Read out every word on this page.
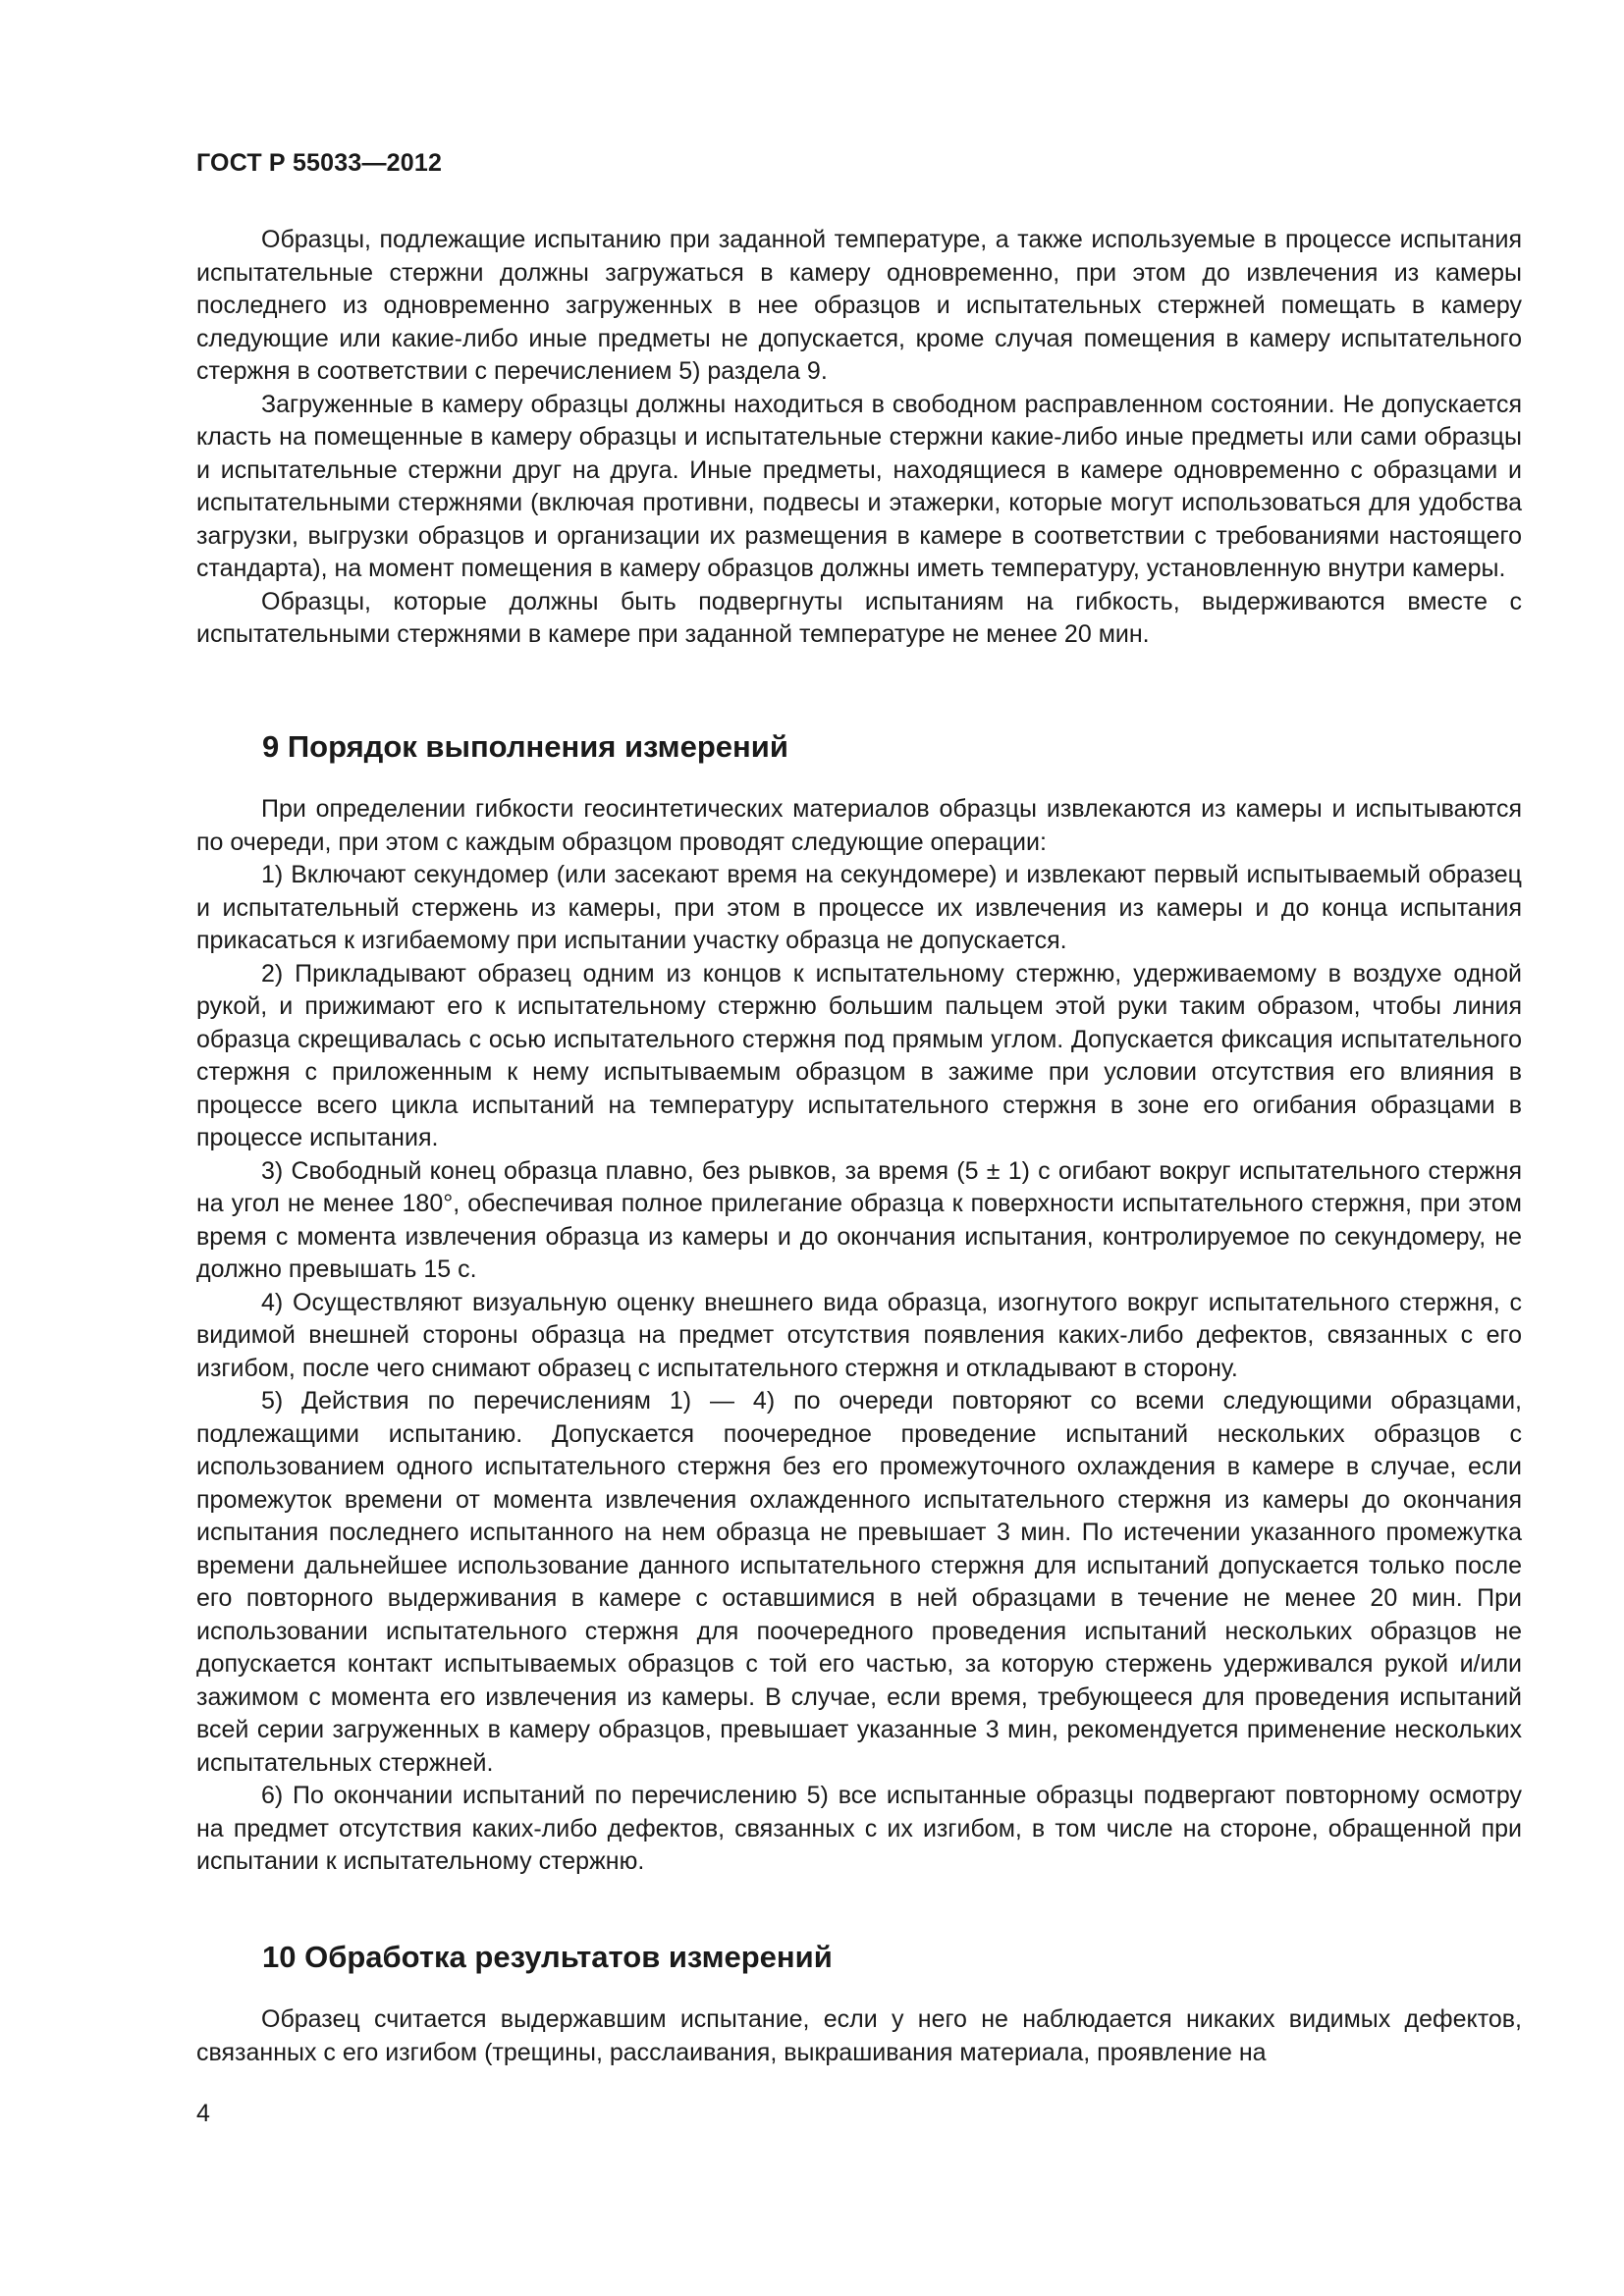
ГОСТ Р 55033—2012

Образцы, подлежащие испытанию при заданной температуре, а также используемые в процессе испытания испытательные стержни должны загружаться в камеру одновременно, при этом до извлечения из камеры последнего из одновременно загруженных в нее образцов и испытательных стержней помещать в камеру следующие или какие-либо иные предметы не допускается, кроме случая помещения в камеру испытательного стержня в соответствии с перечислением 5) раздела 9.

Загруженные в камеру образцы должны находиться в свободном расправленном состоянии. Не допускается класть на помещенные в камеру образцы и испытательные стержни какие-либо иные предметы или сами образцы и испытательные стержни друг на друга. Иные предметы, находящиеся в камере одновременно с образцами и испытательными стержнями (включая противни, подвесы и этажерки, которые могут использоваться для удобства загрузки, выгрузки образцов и организации их размещения в камере в соответствии с требованиями настоящего стандарта), на момент помещения в камеру образцов должны иметь температуру, установленную внутри камеры.

Образцы, которые должны быть подвергнуты испытаниям на гибкость, выдерживаются вместе с испытательными стержнями в камере при заданной температуре не менее 20 мин.

9 Порядок выполнения измерений

При определении гибкости геосинтетических материалов образцы извлекаются из камеры и испытываются по очереди, при этом с каждым образцом проводят следующие операции:

1) Включают секундомер (или засекают время на секундомере) и извлекают первый испытываемый образец и испытательный стержень из камеры, при этом в процессе их извлечения из камеры и до конца испытания прикасаться к изгибаемому при испытании участку образца не допускается.

2) Прикладывают образец одним из концов к испытательному стержню, удерживаемому в воздухе одной рукой, и прижимают его к испытательному стержню большим пальцем этой руки таким образом, чтобы линия образца скрещивалась с осью испытательного стержня под прямым углом. Допускается фиксация испытательного стержня с приложенным к нему испытываемым образцом в зажиме при условии отсутствия его влияния в процессе всего цикла испытаний на температуру испытательного стержня в зоне его огибания образцами в процессе испытания.

3) Свободный конец образца плавно, без рывков, за время (5 ± 1) с огибают вокруг испытательного стержня на угол не менее 180°, обеспечивая полное прилегание образца к поверхности испытательного стержня, при этом время с момента извлечения образца из камеры и до окончания испытания, контролируемое по секундомеру, не должно превышать 15 с.

4) Осуществляют визуальную оценку внешнего вида образца, изогнутого вокруг испытательного стержня, с видимой внешней стороны образца на предмет отсутствия появления каких-либо дефектов, связанных с его изгибом, после чего снимают образец с испытательного стержня и откладывают в сторону.

5) Действия по перечислениям 1) — 4) по очереди повторяют со всеми следующими образцами, подлежащими испытанию. Допускается поочередное проведение испытаний нескольких образцов с использованием одного испытательного стержня без его промежуточного охлаждения в камере в случае, если промежуток времени от момента извлечения охлажденного испытательного стержня из камеры до окончания испытания последнего испытанного на нем образца не превышает 3 мин. По истечении указанного промежутка времени дальнейшее использование данного испытательного стержня для испытаний допускается только после его повторного выдерживания в камере с оставшимися в ней образцами в течение не менее 20 мин. При использовании испытательного стержня для поочередного проведения испытаний нескольких образцов не допускается контакт испытываемых образцов с той его частью, за которую стержень удерживался рукой и/или зажимом с момента его извлечения из камеры. В случае, если время, требующееся для проведения испытаний всей серии загруженных в камеру образцов, превышает указанные 3 мин, рекомендуется применение нескольких испытательных стержней.

6) По окончании испытаний по перечислению 5) все испытанные образцы подвергают повторному осмотру на предмет отсутствия каких-либо дефектов, связанных с их изгибом, в том числе на стороне, обращенной при испытании к испытательному стержню.

10 Обработка результатов измерений

Образец считается выдержавшим испытание, если у него не наблюдается никаких видимых дефектов, связанных с его изгибом (трещины, расслаивания, выкрашивания материала, проявление на

4
